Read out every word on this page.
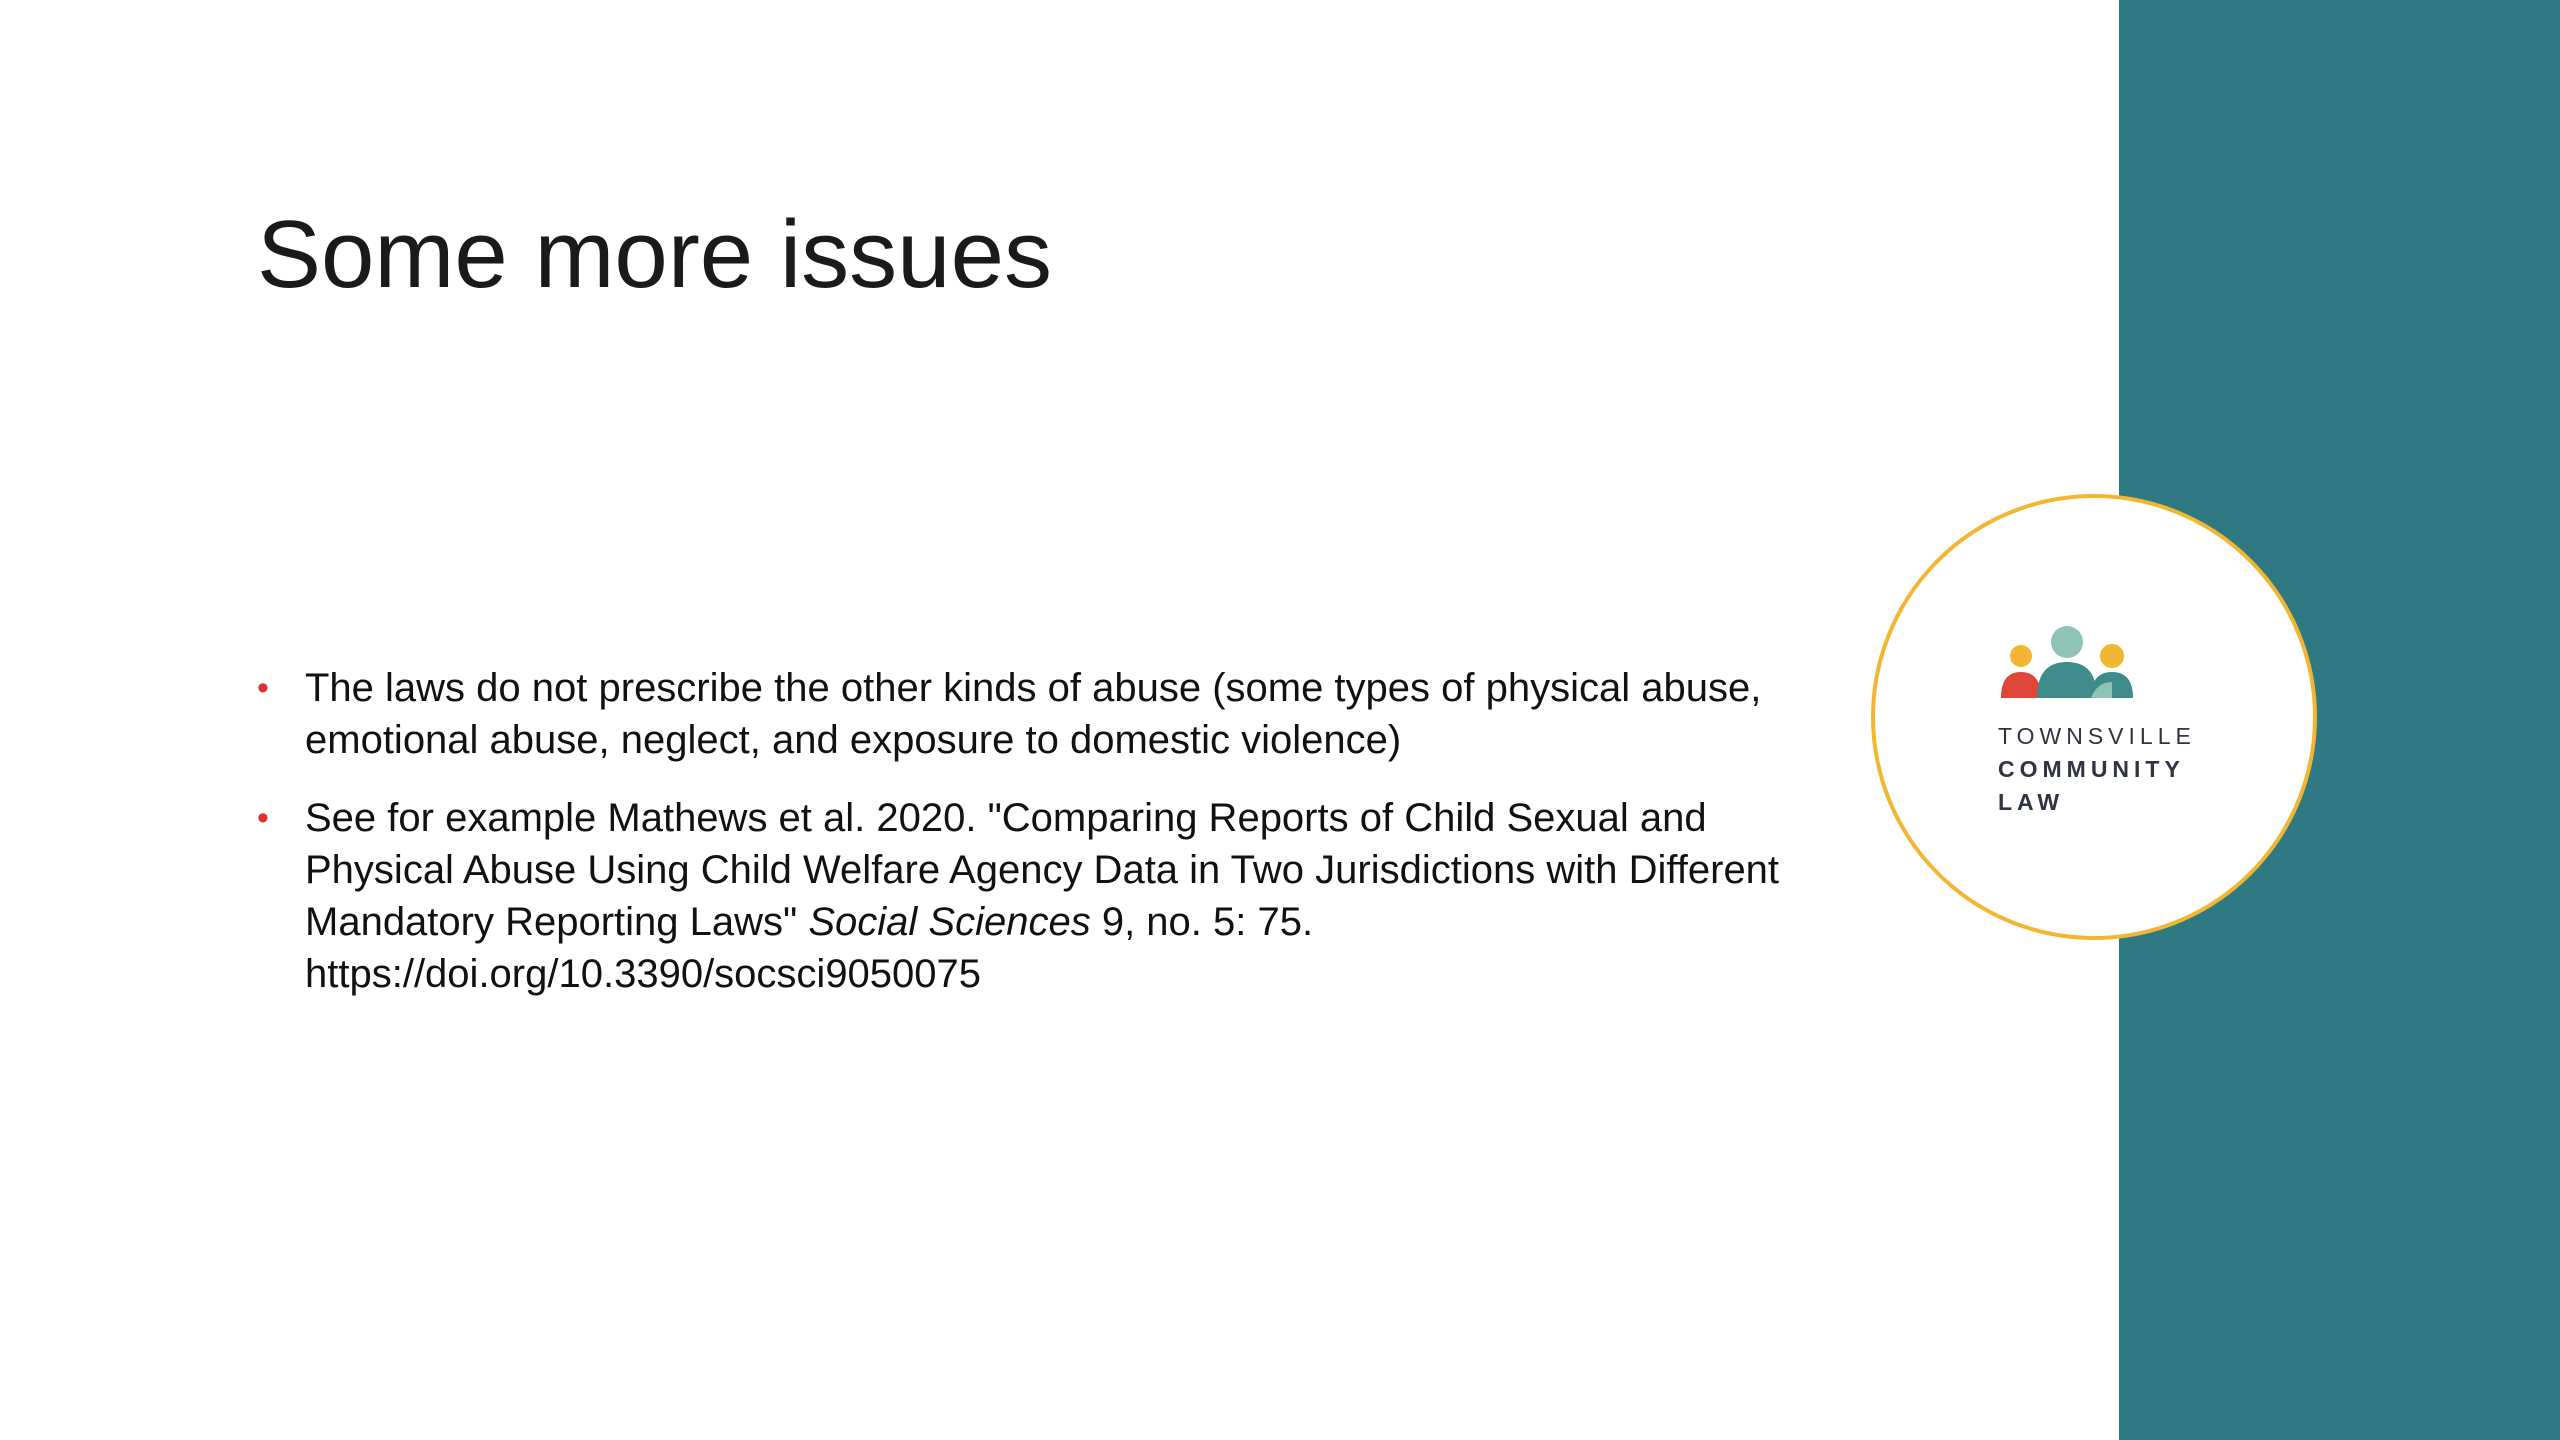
Some more issues
• The laws do not prescribe the other kinds of abuse (some types of physical abuse, emotional abuse, neglect, and exposure to domestic violence)
• See for example Mathews et al. 2020. "Comparing Reports of Child Sexual and Physical Abuse Using Child Welfare Agency Data in Two Jurisdictions with Different Mandatory Reporting Laws" Social Sciences 9, no. 5: 75. https://doi.org/10.3390/socsci9050075
TOWNSVILLE
COMMUNITY
LAW
